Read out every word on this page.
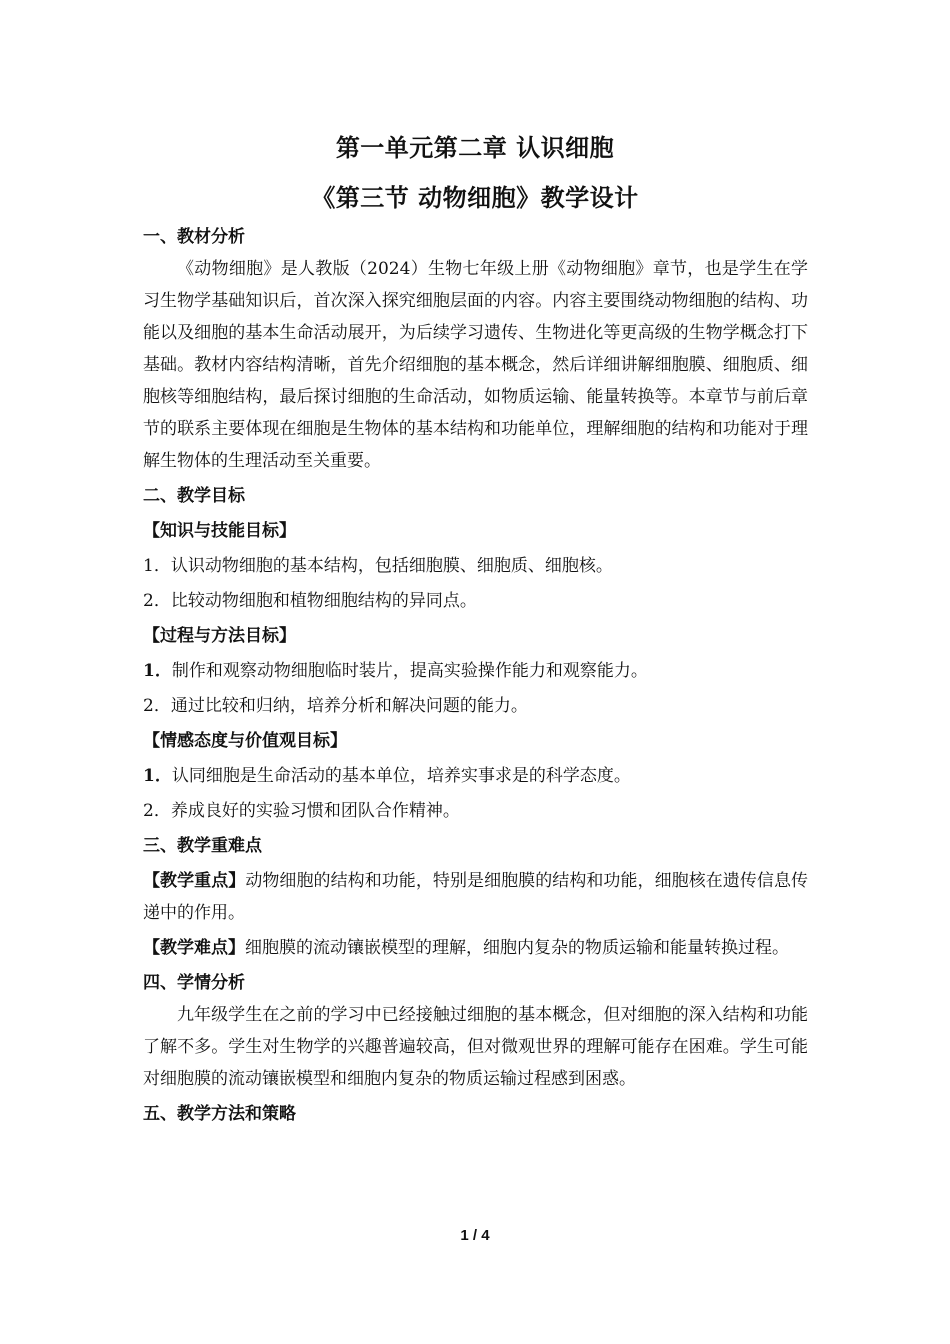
第一单元第二章 认识细胞
《第三节 动物细胞》教学设计

一、教材分析

《动物细胞》是人教版（2024）生物七年级上册《动物细胞》章节，也是学生在学习生物学基础知识后，首次深入探究细胞层面的内容。内容主要围绕动物细胞的结构、功能以及细胞的基本生命活动展开，为后续学习遗传、生物进化等更高级的生物学概念打下基础。教材内容结构清晰，首先介绍细胞的基本概念，然后详细讲解细胞膜、细胞质、细胞核等细胞结构，最后探讨细胞的生命活动，如物质运输、能量转换等。本章节与前后章节的联系主要体现在细胞是生物体的基本结构和功能单位，理解细胞的结构和功能对于理解生物体的生理活动至关重要。

二、教学目标

【知识与技能目标】

1．认识动物细胞的基本结构，包括细胞膜、细胞质、细胞核。

2．比较动物细胞和植物细胞结构的异同点。

【过程与方法目标】

1．制作和观察动物细胞临时装片，提高实验操作能力和观察能力。

2．通过比较和归纳，培养分析和解决问题的能力。

【情感态度与价值观目标】

1．认同细胞是生命活动的基本单位，培养实事求是的科学态度。

2．养成良好的实验习惯和团队合作精神。

三、教学重难点

【教学重点】动物细胞的结构和功能，特别是细胞膜的结构和功能，细胞核在遗传信息传递中的作用。

【教学难点】细胞膜的流动镶嵌模型的理解，细胞内复杂的物质运输和能量转换过程。

四、学情分析

九年级学生在之前的学习中已经接触过细胞的基本概念，但对细胞的深入结构和功能了解不多。学生对生物学的兴趣普遍较高，但对微观世界的理解可能存在困难。学生可能对细胞膜的流动镶嵌模型和细胞内复杂的物质运输过程感到困惑。

五、教学方法和策略

1 / 4
